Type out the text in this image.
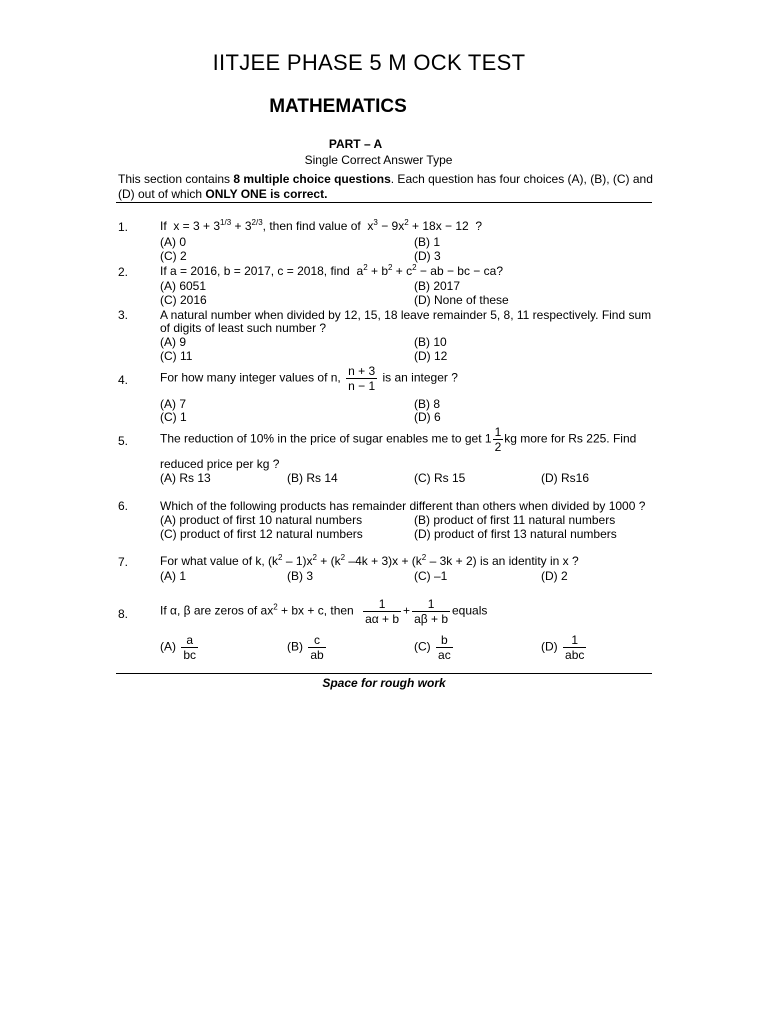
IITJEE PHASE 5 M OCK TEST
MATHEMATICS
PART – A
Single Correct Answer Type
This section contains 8 multiple choice questions. Each question has four choices (A), (B), (C) and (D) out of which ONLY ONE is correct.
1.	If $x = 3 + 3^{1/3} + 3^{2/3}$, then find value of $x^3 - 9x^2 + 18x - 12$ ?
(A) 0	(B) 1
(C) 2	(D) 3
2.	If a = 2016, b = 2017, c = 2018, find $a^2 + b^2 + c^2$ − ab − bc − ca?
(A) 6051	(B) 2017
(C) 2016	(D) None of these
3.	A natural number when divided by 12, 15, 18 leave remainder 5, 8, 11 respectively. Find sum
of digits of least such number ?
(A) 9	(B) 10
(C) 11	(D) 12
4.	For how many integer values of n, $\frac{n + 3}{n - 1}$ is an integer ?
(A) 7	(B) 8
(C) 1	(D) 6
5.	The reduction of 10% in the price of sugar enables me to get $1 \frac{1}{2}$ kg more for Rs 225. Find
reduced price per kg ?
(A) Rs 13	(B) Rs 14	(C) Rs 15	(D) Rs16
6.	Which of the following products has remainder different than others when divided by 1000 ?
(A) product of first 10 natural numbers	(B) product of first 11 natural numbers
(C) product of first 12 natural numbers	(D) product of first 13 natural numbers
7.	For what value of k, $(k^2 - 1)x^2 + (k^2$ $-4k + 3)x + (k^2 - 3k + 2)$ is an identity in x ?
(A) 1	(B) 3	(C) –1	(D) 2
8.	If α, β are zeros of $ax^2$ + bx + c, then $\frac{1}{a\alpha + b} + \frac{1}{a\beta + b}$ equals
$(A) \frac{a}{bc}$	$(B) \frac{c}{ab}$	$(C) \frac{b}{ac}$	$(D) \frac{1}{\text{abc}}$
Space for rough work
